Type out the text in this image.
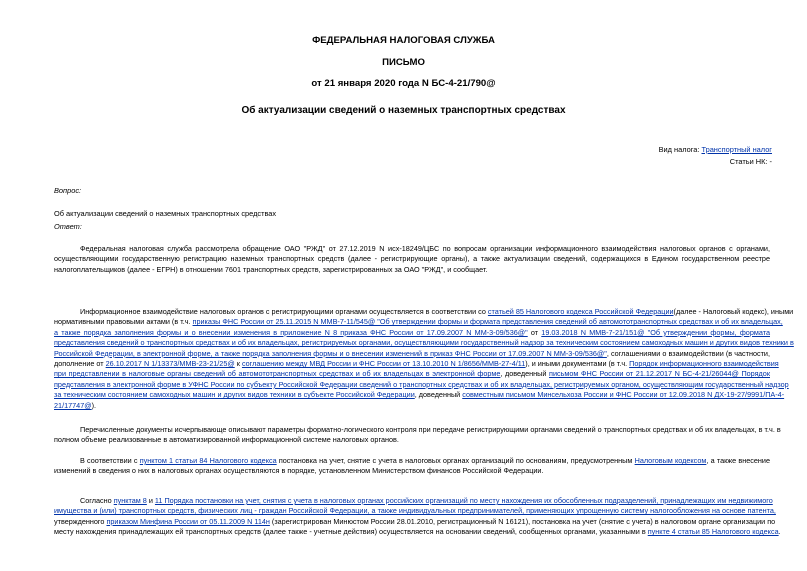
ФЕДЕРАЛЬНАЯ НАЛОГОВАЯ СЛУЖБА
ПИСЬМО
от 21 января 2020 года N БС-4-21/790@
Об актуализации сведений о наземных транспортных средствах
Вид налога: Транспортный налог
Статьи НК: -
Вопрос:
Об актуализации сведений о наземных транспортных средствах
Ответ:
Федеральная налоговая служба рассмотрела обращение ОАО "РЖД" от 27.12.2019 N исх-18249/ЦБС по вопросам организации информационного взаимодействия налоговых органов с органами,
осуществляющими государственную регистрацию наземных транспортных средств (далее - регистрирующие органы), а также актуализации сведений, содержащихся в Едином государственном реестре
налогоплательщиков (далее - ЕГРН) в отношении 7601 транспортных средств, зарегистрированных за ОАО "РЖД", и сообщает.
Информационное взаимодействие налоговых органов с регистрирующими органами осуществляется в соответствии со статьей 85 Налогового кодекса Российской Федерации(далее - Налоговый кодекс), иными
нормативными правовыми актами (в т.ч. приказы ФНС России от 25.11.2015 N ММВ-7-11/545@ "Об утверждении формы и формата представления сведений об автомототранспортных средствах и об их владельцах,
а также порядка заполнения формы и о внесении изменения в приложение N 8 приказа ФНС России от 17.09.2007 N ММ-3-09/536@" от 19.03.2018 N ММВ-7-21/151@ "Об утверждении формы, формата
представления сведений о транспортных средствах и об их владельцах, регистрируемых органами, осуществляющими государственный надзор за техническим состоянием самоходных машин и других видов техники в
Российской Федерации, в электронной форме, а также порядка заполнения формы и о внесении изменений в приказ ФНС России от 17.09.2007 N ММ-3-09/536@", соглашениями о взаимодействии (в частности,
дополнение от 26.10.2017 N 1/13373/ММВ-23-21/25@ к соглашению между МВД России и ФНС России от 13.10.2010 N 1/8656/ММВ-27-4/11), и иными документами (в т.ч. Порядок информационного взаимодействия
при представлении в налоговые органы сведений об автомототранспортных средствах и об их владельцах в электронной форме, доведенный письмом ФНС России от 21.12.2017 N БС-4-21/26044@ Порядок
представления в электронной форме в УФНС России по субъекту Российской Федерации сведений о транспортных средствах и об их владельцах, регистрируемых органом, осуществляющим государственный надзор
за техническим состоянием самоходных машин и других видов техники в субъекте Российской Федерации, доведенный совместным письмом Минсельхоза России и ФНС России от 12.09.2018 N ДХ-19-27/9991/ПА-4-
21/17747@).
Перечисленные документы исчерпывающе описывают параметры форматно-логического контроля при передаче регистрирующими органами сведений о транспортных средствах и об их владельцах, в т.ч. в
полном объеме реализованные в автоматизированной информационной системе налоговых органов.
В соответствии с пунктом 1 статьи 84 Налогового кодекса постановка на учет, снятие с учета в налоговых органах организаций по основаниям, предусмотренным Налоговым кодексом, а также внесение
изменений в сведения о них в налоговых органах осуществляются в порядке, установленном Министерством финансов Российской Федерации.
Согласно пунктам 8 и 11 Порядка постановки на учет, снятия с учета в налоговых органах российских организаций по месту нахождения их обособленных подразделений, принадлежащих им недвижимого
имущества и (или) транспортных средств, физических лиц - граждан Российской Федерации, а также индивидуальных предпринимателей, применяющих упрощенную систему налогообложения на основе патента,
утвержденного приказом Минфина России от 05.11.2009 N 114н (зарегистрирован Минюстом России 28.01.2010, регистрационный N 16121), постановка на учет (снятие с учета) в налоговом органе организации по
месту нахождения принадлежащих ей транспортных средств (далее также - учетные действия) осуществляется на основании сведений, сообщенных органами, указанными в пункте 4 статьи 85 Налогового кодекса.
